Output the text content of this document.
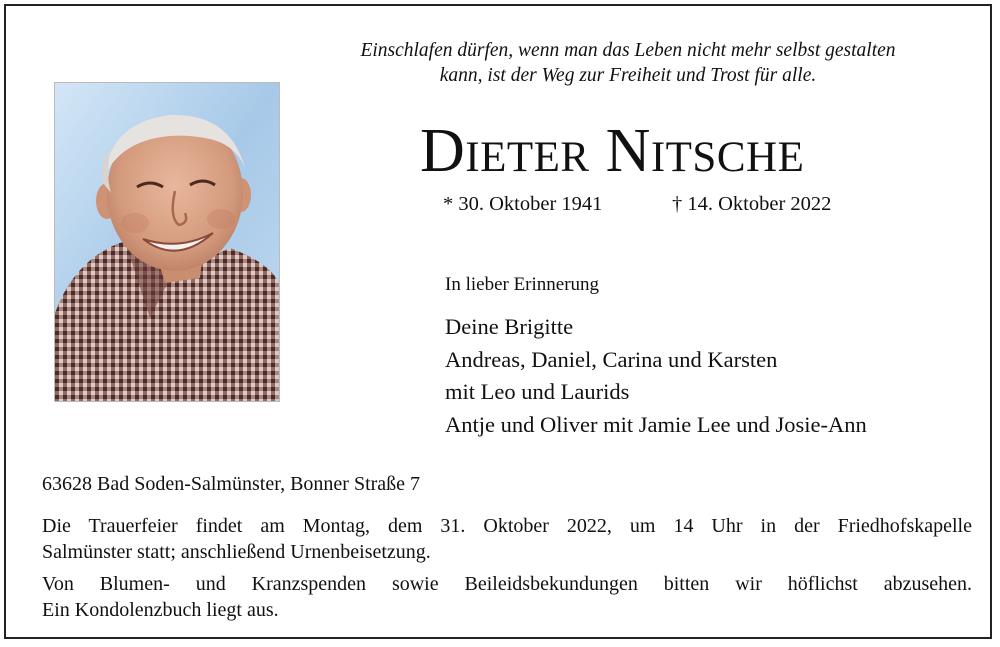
Einschlafen dürfen, wenn man das Leben nicht mehr selbst gestalten
kann, ist der Weg zur Freiheit und Trost für alle.
Dieter Nitsche
* 30. Oktober 1941	† 14. Oktober 2022
In lieber Erinnerung
Deine Brigitte
Andreas, Daniel, Carina und Karsten
mit Leo und Laurids
Antje und Oliver mit Jamie Lee und Josie-Ann
63628 Bad Soden-Salmünster, Bonner Straße 7
Die Trauerfeier findet am Montag, dem 31. Oktober 2022, um 14 Uhr in der Friedhofskapelle
Salmünster statt; anschließend Urnenbeisetzung.
Von Blumen- und Kranzspenden sowie Beileidsbekundungen bitten wir höflichst abzusehen.
Ein Kondolenzbuch liegt aus.
